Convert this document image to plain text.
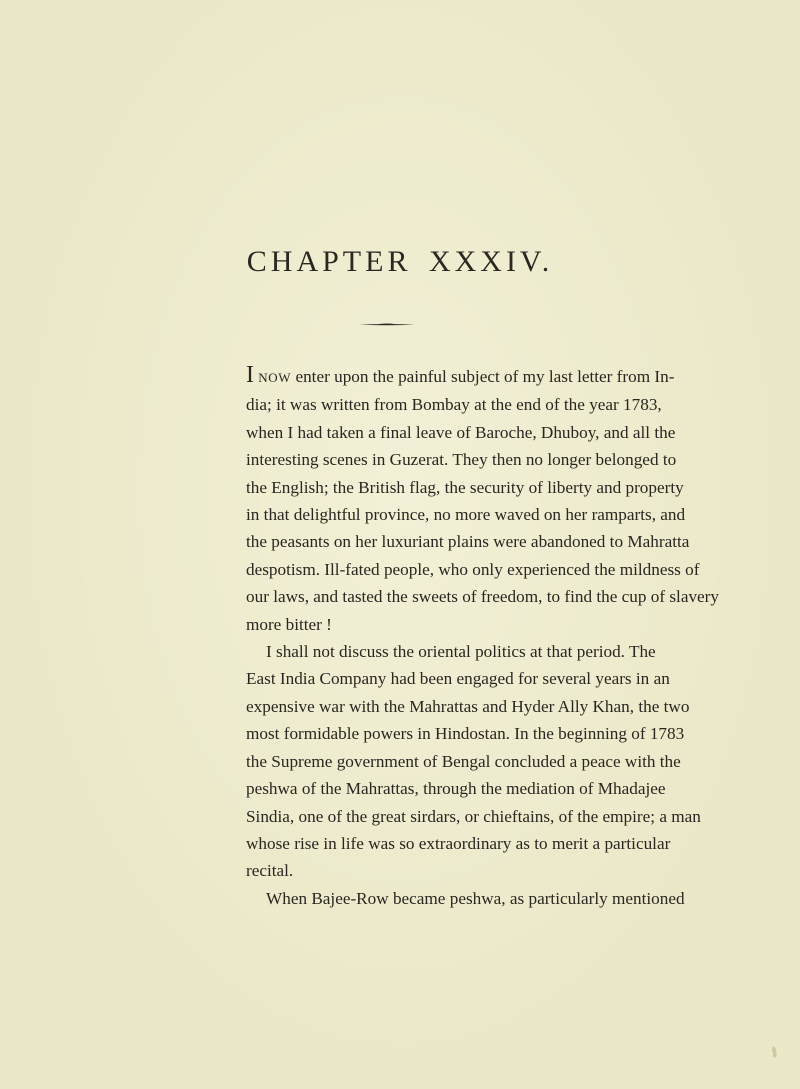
CHAPTER XXXIV.
I NOW enter upon the painful subject of my last letter from In-
dia; it was written from Bombay at the end of the year 1783,
when I had taken a final leave of Baroche, Dhuboy, and all the
interesting scenes in Guzerat. They then no longer belonged to
the English; the British flag, the security of liberty and property
in that delightful province, no more waved on her ramparts, and
the peasants on her luxuriant plains were abandoned to Mahratta
despotism. Ill-fated people, who only experienced the mildness of
our laws, and tasted the sweets of freedom, to find the cup of slavery
more bitter !
I shall not discuss the oriental politics at that period. The
East India Company had been engaged for several years in an
expensive war with the Mahrattas and Hyder Ally Khan, the two
most formidable powers in Hindostan. In the beginning of 1783
the Supreme government of Bengal concluded a peace with the
peshwa of the Mahrattas, through the mediation of Mhadajee
Sindia, one of the great sirdars, or chieftains, of the empire; a man
whose rise in life was so extraordinary as to merit a particular
recital.
When Bajee-Row became peshwa, as particularly mentioned
